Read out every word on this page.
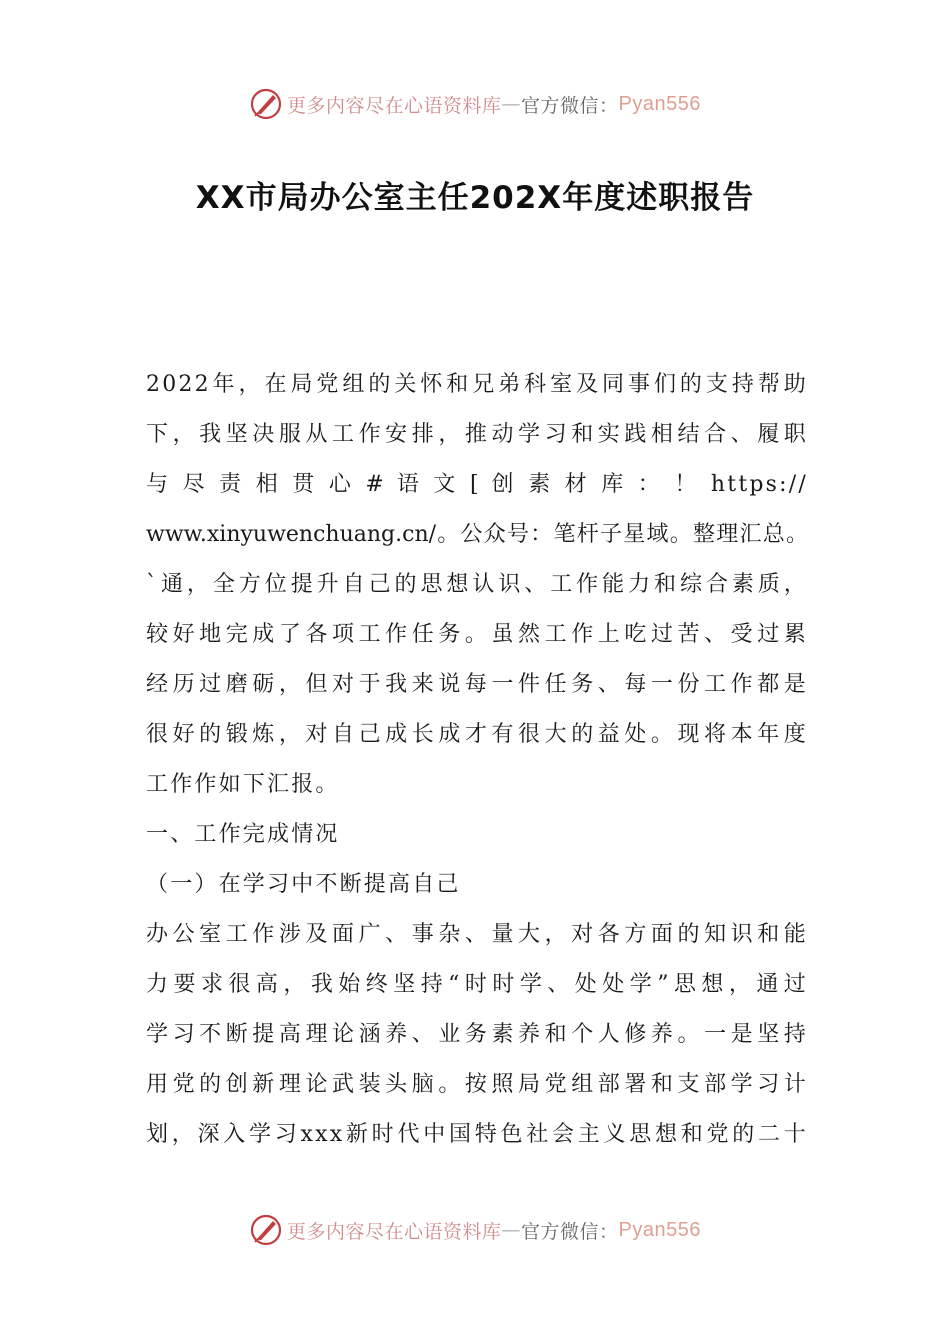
更多内容尽在心语资料库 — 官方微信： Pyan556
XX市局办公室主任202X年度述职报告
2022年，在局党组的关怀和兄弟科室及同事们的支持帮助
下，我坚决服从工作安排，推动学习和实践相结合、履职
与 尽 责 相 贯 心 # 语 文 [ 创 素 材 库 ： ！ https://
www.xinyuwenchuang.cn/。公众号：笔杆子星域。整理汇总。
`通，全方位提升自己的思想认识、工作能力和综合素质，
较好地完成了各项工作任务。虽然工作上吃过苦、受过累
经历过磨砺，但对于我来说每一件任务、每一份工作都是
很好的锻炼，对自己成长成才有很大的益处。现将本年度
工作作如下汇报。
一、工作完成情况
（一）在学习中不断提高自己
办公室工作涉及面广、事杂、量大，对各方面的知识和能
力要求很高，我始终坚持“时时学、处处学”思想，通过
学习不断提高理论涵养、业务素养和个人修养。一是坚持
用党的创新理论武装头脑。按照局党组部署和支部学习计
划，深入学习xxx新时代中国特色社会主义思想和党的二十
更多内容尽在心语资料库 — 官方微信： Pyan556
